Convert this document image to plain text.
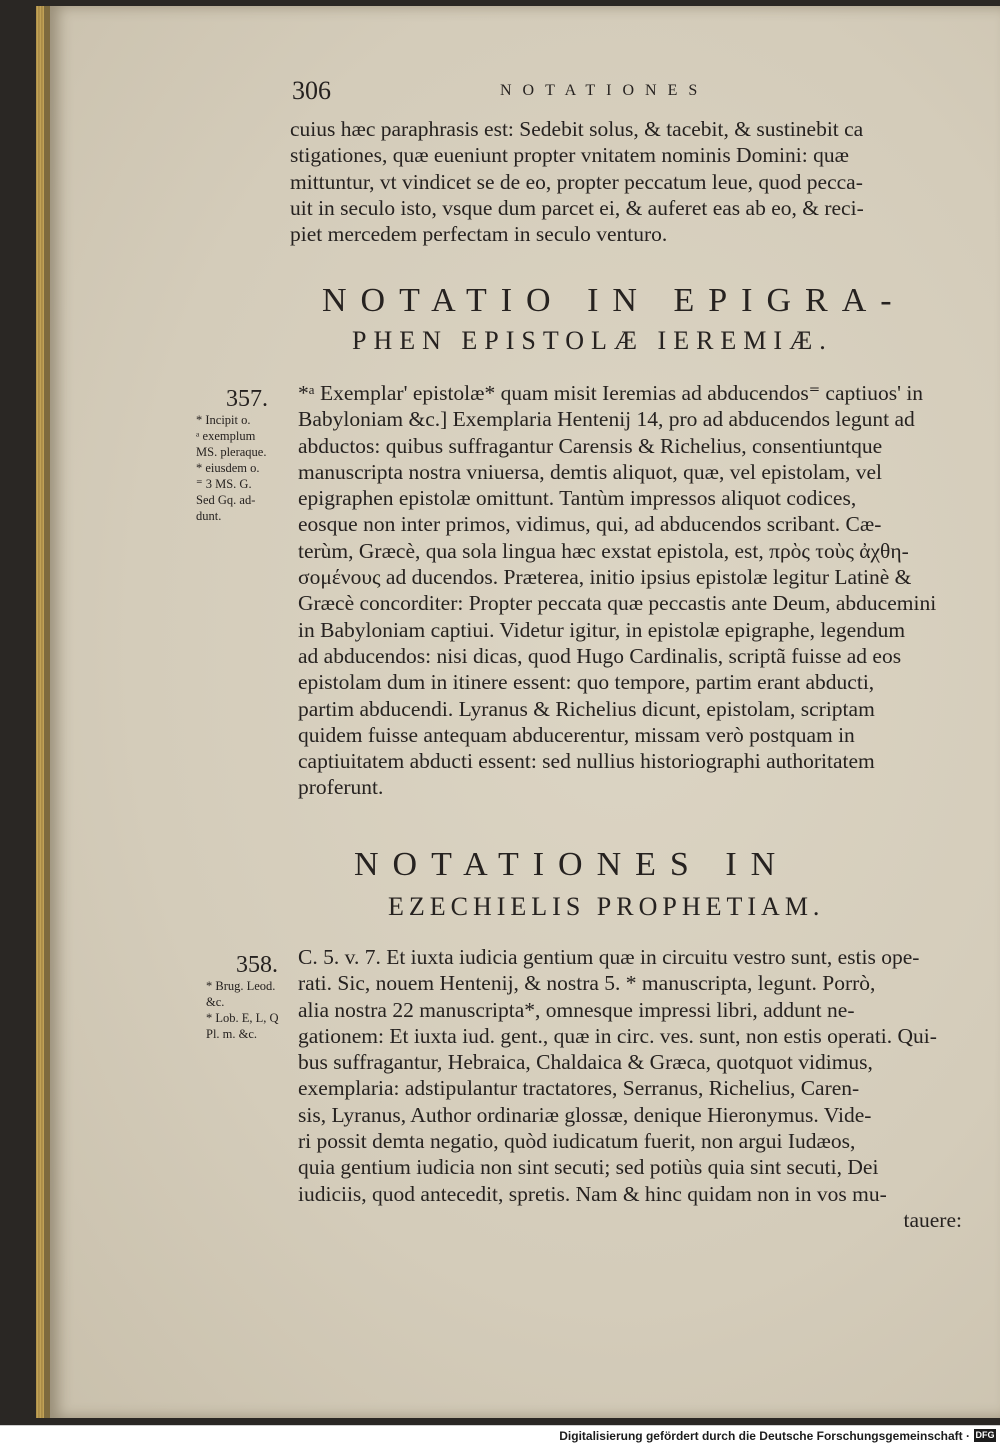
306	NOTATIONES
cuius hæc paraphrasis est: Sedebit solus, & tacebit, & sustinebit ca
stigationes, quæ eueniunt propter vnitatem nominis Domini: quæ
mittuntur, vt vindicet se de eo, propter peccatum leue, quod pecca-
uit in seculo isto, vsque dum parcet ei, & auferet eas ab eo, & reci-
piet mercedem perfectam in seculo venturo.
NOTATIO IN EPIGRA-
PHEN EPISTOLÆ IEREMIÆ.
357.
* Incipit o.
ᵃ exemplum
MS. pleraque.
* eiusdem o.
⁼ 3 MS. G.
Sed Gq. ad-
dunt.
*ᵃ Exemplar' epistolæ* quam misit Ieremias ad abducendos⁼ captiuos' in
Babyloniam &c.] Exemplaria Hentenij 14, pro ad abducendos legunt ad
abductos: quibus suffragantur Carensis & Richelius, consentiuntque
manuscripta nostra vniuersa, demtis aliquot, quæ, vel epistolam, vel
epigraphen epistolæ omittunt. Tantùm impressos aliquot codices,
eosque non inter primos, vidimus, qui, ad abducendos scribant. Cæ-
terùm, Græcè, qua sola lingua hæc exstat epistola, est, πρὸς τοὺς ἀχθη-
σομένους ad ducendos. Præterea, initio ipsius epistolæ legitur Latinè &
Græcè concorditer: Propter peccata quæ peccastis ante Deum, abducemini
in Babyloniam captiui. Videtur igitur, in epistolæ epigraphe, legendum
ad abducendos: nisi dicas, quod Hugo Cardinalis, scriptã fuisse ad eos
epistolam dum in itinere essent: quo tempore, partim erant abducti,
partim abducendi. Lyranus & Richelius dicunt, epistolam, scriptam
quidem fuisse antequam abducerentur, missam verò postquam in
captiuitatem abducti essent: sed nullius historiographi authoritatem
proferunt.
NOTATIONES IN
EZECHIELIS PROPHETIAM.
358.
* Brug. Leod.
&c.
* Lob. E, L, Q
Pl. m. &c.
C. 5. v. 7. Et iuxta iudicia gentium quæ in circuitu vestro sunt, estis ope-
rati. Sic, nouem Hentenij, & nostra 5. * manuscripta, legunt. Porrò,
alia nostra 22 manuscripta*, omnesque impressi libri, addunt ne-
gationem: Et iuxta iud. gent., quæ in circ. ves. sunt, non estis operati. Qui-
bus suffragantur, Hebraica, Chaldaica & Græca, quotquot vidimus,
exemplaria: adstipulantur tractatores, Serranus, Richelius, Caren-
sis, Lyranus, Author ordinariæ glossæ, denique Hieronymus. Vide-
ri possit demta negatio, quòd iudicatum fuerit, non argui Iudæos,
quia gentium iudicia non sint secuti; sed potiùs quia sint secuti, Dei
iudiciis, quod antecedit, spretis. Nam & hinc quidam non in vos mu-
tauere:
Digitalisierung gefördert durch die Deutsche Forschungsgemeinschaft · DFG
